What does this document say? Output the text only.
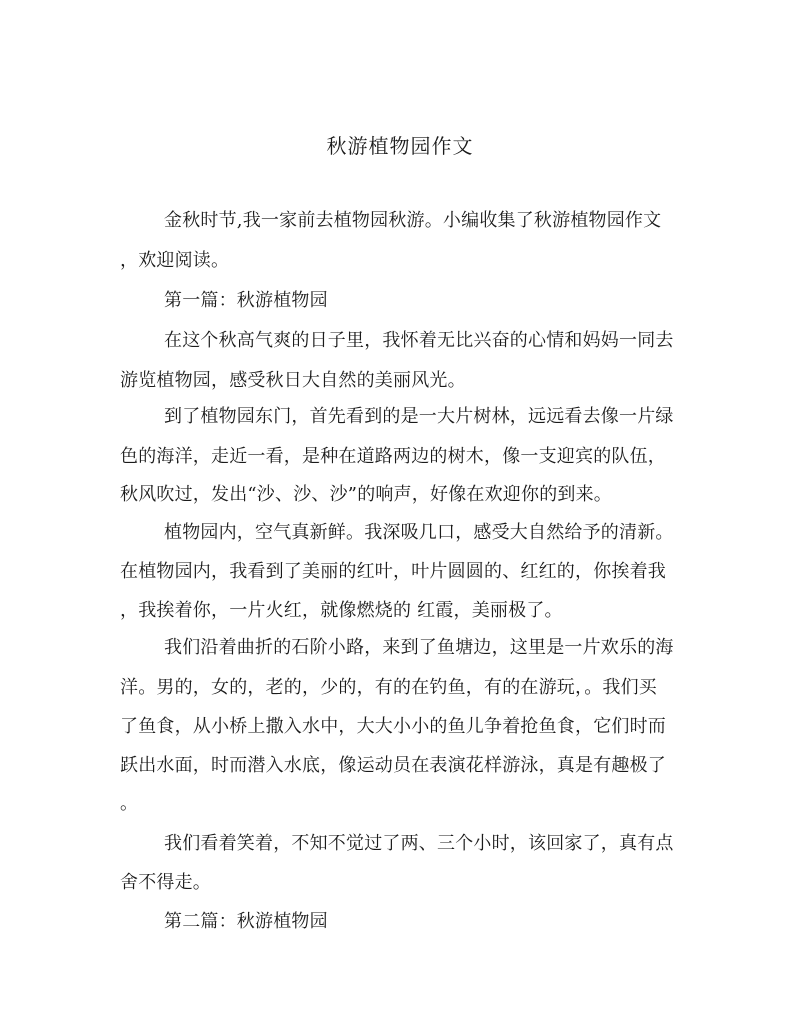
秋游植物园作文
金秋时节,我一家前去植物园秋游。小编收集了秋游植物园作文
，欢迎阅读。
第一篇：秋游植物园
在这个秋高气爽的日子里，我怀着无比兴奋的心情和妈妈一同去
游览植物园，感受秋日大自然的美丽风光。
到了植物园东门，首先看到的是一大片树林，远远看去像一片绿
色的海洋，走近一看，是种在道路两边的树木，像一支迎宾的队伍，
秋风吹过，发出“沙、沙、沙”的响声，好像在欢迎你的到来。
植物园内，空气真新鲜。我深吸几口，感受大自然给予的清新。
在植物园内，我看到了美丽的红叶，叶片圆圆的、红红的，你挨着我
，我挨着你，一片火红，就像燃烧的 红霞，美丽极了。
我们沿着曲折的石阶小路，来到了鱼塘边，这里是一片欢乐的海
洋。男的，女的，老的，少的，有的在钓鱼，有的在游玩，。我们买
了鱼食，从小桥上撒入水中，大大小小的鱼儿争着抢鱼食，它们时而
跃出水面，时而潜入水底，像运动员在表演花样游泳，真是有趣极了
。
我们看着笑着，不知不觉过了两、三个小时，该回家了，真有点
舍不得走。
第二篇：秋游植物园
